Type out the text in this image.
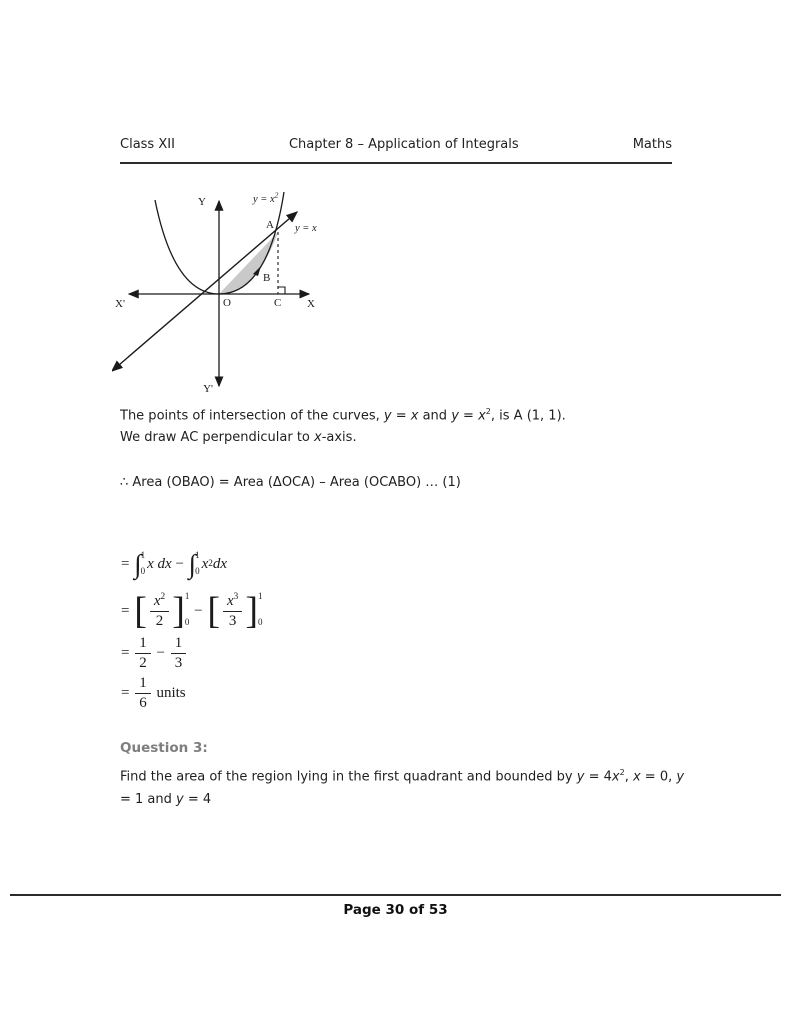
Class XII	Chapter 8 – Application of Integrals	Maths
Y
Y'
X'	X
O
A
B
C
$y = x^2$
y = x
The points of intersection of the curves, y = x and $y = x^2$, is A (1, 1).
We draw AC perpendicular to x-axis.
∴ Area (OBAO) = Area (ΔOCA) – Area (OCABO) … (1)
= ∫ 1
0 x dx − ∫ 1
0 x 2 dx
= [ $\frac{x^2}{2}$ ] 1
0
− [ $\frac{x^3}{3}$ ] 1
0
= $\frac{1}{2} - \frac{1}{3}$
= $\frac{1}{6}$ units
Question 3:
Find the area of the region lying in the first quadrant and bounded by $y = 4x^2$, x = 0, y
= 1 and y = 4
Page 30 of 53
